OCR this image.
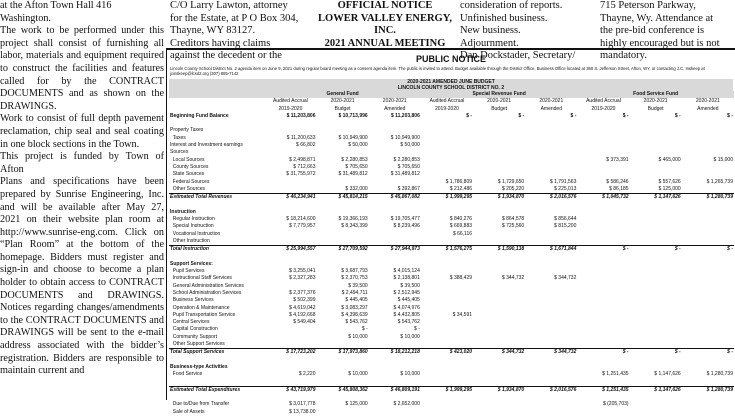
at the Afton Town Hall 416

Washington.

The work to be performed under this project shall consist of furnishing all labor, materials and equipment required to construct the facilities and features called for by the CONTRACT DOCUMENTS and as shown on the DRAWINGS.

Work to consist of full depth pavement reclamation, chip seal and seal coating in one block sections in the Town.

This project is funded by Town of Afton

Plans and specifications have been prepared by Sunrise Engineering, Inc. and will be available after May 27, 2021 on their website plan room at http://www.sunrise-eng.com. Click on “Plan Room” at the bottom of the homepage. Bidders must register and sign-in and choose to become a plan holder to obtain access to CONTRACT DOCUMENTS and DRAWINGS. Notices regarding changes/amendments to the CONTRACT DOCUMENTS and DRAWINGS will be sent to the e-mail address associated with the bidder’s registration. Bidders are responsible to maintain current and

C/O Larry Lawton, attorney
for the Estate, at P O Box 304,
Thayne, WY 83127.
Creditors having claims
against the decedent or the
OFFICIAL NOTICE
LOWER VALLEY ENERGY,
INC.
2021 ANNUAL MEETING
consideration of reports.
Unfinished business.
New business.
Adjournment.
Dan Dockstader, Secretary/
715 Peterson Parkway,
Thayne, Wy. Attendance at
the pre-bid conference is
highly encouraged but is not
mandatory.
PUBLIC NOTICE
Lincoln County School District No. 2 agenda item on June 9, 2021 during regular board meeting as a consent agenda item. The public is invited to attend. Budget available through the District Office, Business Office located at 360 S. Jefferson Street, Afton, WY, or contacting J.C. Inskeep at jcinskeep@lcsd2.org (307) 885-7142
2020-2021 AMENDED JUNE BUDGET
LINCOLN COUNTY SCHOOL DISTRICT NO. 2
	General Fund			Special Revenue Fund			Food Service Fund		
	Audited Accrual	2020-2021	2020-2021	Audited Accrual	2020-2021	2020-2021	Audited Accrual	2020-2021	2020-2021
	2019-2020	Budget	Amended	2019-2020	Budget	Amended	2019-2020	Budget	Amended
Beginning Fund Balance	$ 11,203,806	$ 10,713,996	$ 11,203,806	$ -	$ -	$ -	$ -	$ -	$ -

Property Taxes									
Taxes	$ 11,200,633	$ 10,949,900	$ 10,949,900						
Interest and Investment earnings	$ 66,802	$ 50,000	$ 50,000						
Sources									
Local Sources	$ 2,498,871	$ 2,280,853	$ 2,280,853				$ 373,391	$ 465,000	$ 15,000
County Sources	$ 712,663	$ 705,650	$ 705,650						
State Sources	$ 31,755,972	$ 31,489,812	$ 31,489,812						
Federal Sources				$ 1,786,809	$ 1,729,650	$ 1,791,563	$ 586,246	$ 557,626	$ 1,265,739
Other Sources		$ 332,000	$ 392,867	$ 212,486	$ 205,220	$ 225,013	$ 86,185	$ 125,000	
Estimated Total Revenues	$ 46,234,941	$ 45,814,215	$ 45,867,082	$ 1,999,295	$ 1,934,870	$ 2,016,576	$ 1,045,732	$ 1,147,626	$ 1,280,739

Instruction									
Regular Instruction	$ 18,214,600	$ 19,366,193	$ 19,705,477	$ 840,276	$ 864,578	$ 856,644			
Special Instruction	$ 7,779,957	$ 8,343,399	$ 8,239,496	$ 669,883	$ 725,560	$ 815,200			
Vocational Instruction				$ 66,116					
Other Instruction									
Total Instruction	$ 25,994,557	$ 27,709,592	$ 27,944,973	$ 1,576,275	$ 1,590,138	$ 1,671,844	$ -	$ -	$ -

Support Services:									
Pupil Services	$ 3,255,041	$ 3,687,793	$ 4,015,124						
Instructional Staff Services	$ 2,327,283	$ 2,370,753	$ 2,138,801	$ 388,429	$ 344,732	$ 344,732			
General Administration Services		$ 39,500	$ 39,500						
School Administration Services	$ 2,377,376	$ 2,494,711	$ 2,512,945						
Business Services	$ 502,399	$ 445,405	$ 445,405						
Operation & Maintenance	$ 4,619,042	$ 3,083,297	$ 4,074,976						
Pupil Transportation Service	$ 4,192,668	$ 4,398,639	$ 4,432,805	$ 34,591					
Central Services	$ 549,404	$ 543,762	$ 543,762						
Capital Construction		$ -	$ -						
Community Support		$ 10,000	$ 10,000						
Other Support Services									
Total Support Services	$ 17,723,202	$ 17,973,860	$ 18,212,218	$ 423,020	$ 344,732	$ 344,732	$ -	$ -	$ -

Business-type Activities									
Food Service	$ 2,220	$ 10,000	$ 10,000				$ 1,251,435	$ 1,147,626	$ 1,280,739

Estimated Total Expenditures	$ 43,719,979	$ 45,808,362	$ 46,809,191	$ 1,999,295	$ 1,934,870	$ 2,016,576	$ 1,251,435	$ 1,147,626	$ 1,280,739

Due to/Due from Transfer	$ 3,017,778	$ 125,000	$ 2,652,000				$ (205,703)		
Sale of Assets	$ 13,738.00								
